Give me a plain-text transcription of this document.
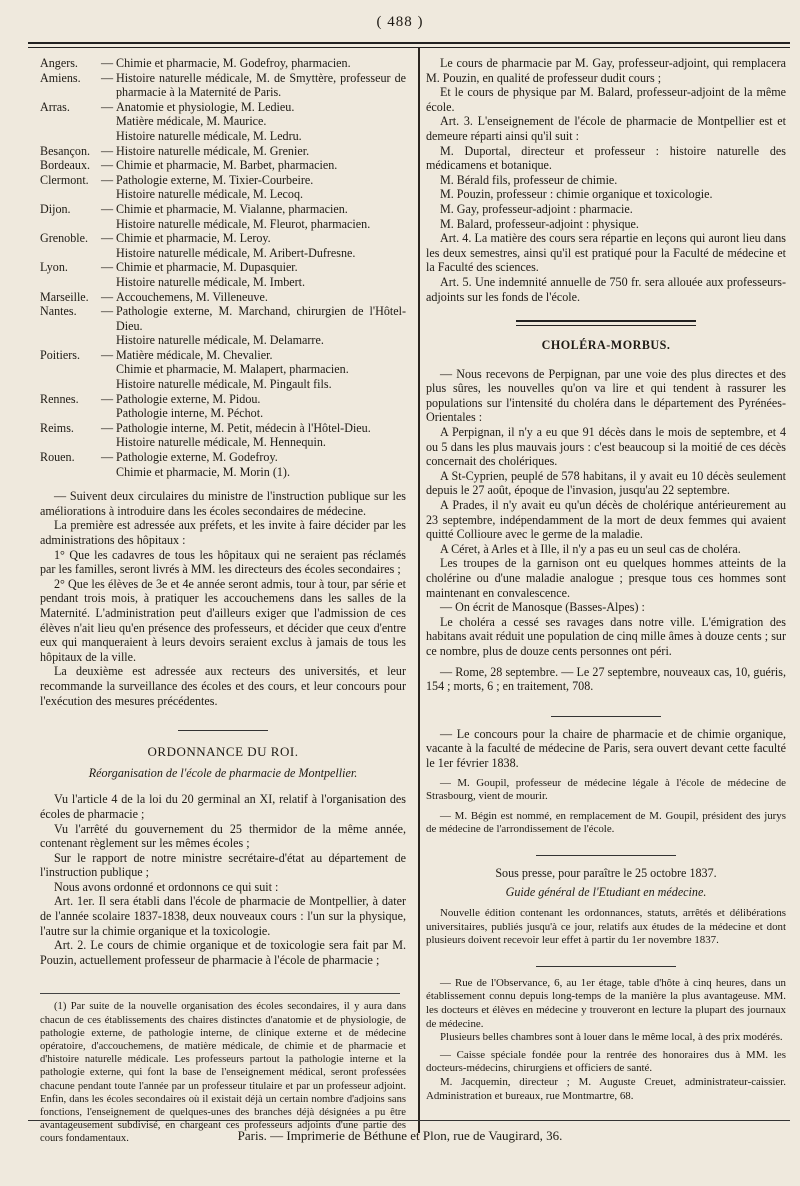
( 488 )
Angers.	— Chimie et pharmacie, M. Godefroy, pharmacien.
Amiens.	— Histoire naturelle médicale, M. de Smyttère, professeur de pharmacie à la Maternité de Paris.
Arras.	— Anatomie et physiologie, M. Ledieu.
Matière médicale, M. Maurice.
Histoire naturelle médicale, M. Ledru.
Besançon. — Histoire naturelle médicale, M. Grenier.
Bordeaux. — Chimie et pharmacie, M. Barbet, pharmacien.
Clermont.	— Pathologie externe, M. Tixier-Courbeire.
Histoire naturelle médicale, M. Lecoq.
Dijon.	— Chimie et pharmacie, M. Vialanne, pharmacien.
Histoire naturelle médicale, M. Fleurot, pharmacien.
Grenoble.	— Chimie et pharmacie, M. Leroy.
Histoire naturelle médicale, M. Aribert-Dufresne.
Lyon.	— Chimie et pharmacie, M. Dupasquier.
Histoire naturelle médicale, M. Imbert.
Marseille.	— Accouchemens, M. Villeneuve.
Nantes.	— Pathologie externe, M. Marchand, chirurgien de l'Hôtel-Dieu.
Histoire naturelle médicale, M. Delamarre.
Poitiers.	— Matière médicale, M. Chevalier.
Chimie et pharmacie, M. Malapert, pharmacien.
Histoire naturelle médicale, M. Pingault fils.
Rennes.	— Pathologie externe, M. Pidou.
Pathologie interne, M. Péchot.
Reims.	— Pathologie interne, M. Petit, médecin à l'Hôtel-Dieu.
Histoire naturelle médicale, M. Hennequin.
Rouen.	— Pathologie externe, M. Godefroy.
Chimie et pharmacie, M. Morin (1).

— Suivent deux circulaires du ministre de l'instruction publique sur les améliorations à introduire dans les écoles secondaires de médecine.

La première est adressée aux préfets, et les invite à faire décider par les administrations des hôpitaux :

1° Que les cadavres de tous les hôpitaux qui ne seraient pas réclamés par les familles, seront livrés à MM. les directeurs des écoles secondaires ;

2° Que les élèves de 3e et 4e année seront admis, tour à tour, par série et pendant trois mois, à pratiquer les accouchemens dans les salles de la Maternité. L'administration peut d'ailleurs exiger que l'admission de ces élèves n'ait lieu qu'en présence des professeurs, et décider que ceux d'entre eux qui manqueraient à leurs devoirs seraient exclus à jamais de tous les hôpitaux de la ville.

La deuxième est adressée aux recteurs des universités, et leur recommande la surveillance des écoles et des cours, et leur concours pour l'exécution des mesures précédentes.

ORDONNANCE DU ROI.
Réorganisation de l'école de pharmacie de Montpellier.

Vu l'article 4 de la loi du 20 germinal an XI, relatif à l'organisation des écoles de pharmacie ;

Vu l'arrêté du gouvernement du 25 thermidor de la même année, contenant règlement sur les mêmes écoles ;

Sur le rapport de notre ministre secrétaire-d'état au département de l'instruction publique ;

Nous avons ordonné et ordonnons ce qui suit :

Art. 1er. Il sera établi dans l'école de pharmacie de Montpellier, à dater de l'année scolaire 1837-1838, deux nouveaux cours : l'un sur la physique, l'autre sur la chimie organique et la toxicologie.

Art. 2. Le cours de chimie organique et de toxicologie sera fait par M. Pouzin, actuellement professeur de pharmacie à l'école de pharmacie ;

(1) Par suite de la nouvelle organisation des écoles secondaires, il y aura dans chacun de ces établissements des chaires distinctes d'anatomie et de physiologie, de pathologie externe, de pathologie interne, de clinique externe et de médecine opératoire, d'accouchemens, de matière médicale, de chimie et de pharmacie et d'histoire naturelle médicale. Les professeurs partout la pathologie interne et la pathologie externe, qui font la base de l'enseignement médical, seront professées chacune pendant toute l'année par un professeur titulaire et par un professeur adjoint. Enfin, dans les écoles secondaires où il existait déjà un certain nombre d'adjoins sans fonctions, l'enseignement de quelques-unes des branches déjà désignées a pu être avantageusement subdivisé, en chargeant ces professeurs adjoints d'une partie des cours fondamentaux.

Le cours de pharmacie par M. Gay, professeur-adjoint, qui remplacera M. Pouzin, en qualité de professeur dudit cours ;

Et le cours de physique par M. Balard, professeur-adjoint de la même école.

Art. 3. L'enseignement de l'école de pharmacie de Montpellier est et demeure réparti ainsi qu'il suit :

M. Duportal, directeur et professeur : histoire naturelle des médicamens et botanique.

M. Bérald fils, professeur de chimie.

M. Pouzin, professeur : chimie organique et toxicologie.

M. Gay, professeur-adjoint : pharmacie.

M. Balard, professeur-adjoint : physique.

Art. 4. La matière des cours sera répartie en leçons qui auront lieu dans les deux semestres, ainsi qu'il est pratiqué pour la Faculté de médecine et la Faculté des sciences.

Art. 5. Une indemnité annuelle de 750 fr. sera allouée aux professeurs-adjoints sur les fonds de l'école.

CHOLÉRA-MORBUS.

— Nous recevons de Perpignan, par une voie des plus directes et des plus sûres, les nouvelles qu'on va lire et qui tendent à rassurer les populations sur l'intensité du choléra dans le département des Pyrénées-Orientales :

A Perpignan, il n'y a eu que 91 décès dans le mois de septembre, et 4 ou 5 dans les plus mauvais jours : c'est beaucoup si la moitié de ces décès concernait des cholériques.

A St-Cyprien, peuplé de 578 habitans, il y avait eu 10 décès seulement depuis le 27 août, époque de l'invasion, jusqu'au 22 septembre.

A Prades, il n'y avait eu qu'un décès de cholérique antérieurement au 23 septembre, indépendamment de la mort de deux femmes qui avaient quitté Collioure avec le germe de la maladie.

A Céret, à Arles et à Ille, il n'y a pas eu un seul cas de choléra.

Les troupes de la garnison ont eu quelques hommes atteints de la cholérine ou d'une maladie analogue ; presque tous ces hommes sont maintenant en convalescence.

— On écrit de Manosque (Basses-Alpes) :

Le choléra a cessé ses ravages dans notre ville. L'émigration des habitans avait réduit une population de cinq mille âmes à douze cents ; sur ce nombre, plus de douze cents personnes ont péri.

— Rome, 28 septembre. — Le 27 septembre, nouveaux cas, 10, guéris, 154 ; morts, 6 ; en traitement, 708.

— Le concours pour la chaire de pharmacie et de chimie organique, vacante à la faculté de médecine de Paris, sera ouvert devant cette faculté le 1er février 1838.

— M. Goupil, professeur de médecine légale à l'école de médecine de Strasbourg, vient de mourir.

— M. Bégin est nommé, en remplacement de M. Goupil, président des jurys de médecine de l'arrondissement de l'école.

Sous presse, pour paraître le 25 octobre 1837.
Guide général de l'Etudiant en médecine.

Nouvelle édition contenant les ordonnances, statuts, arrêtés et délibérations universitaires, publiés jusqu'à ce jour, relatifs aux études de la médecine et dont plusieurs doivent recevoir leur effet à partir du 1er novembre 1837.

— Rue de l'Observance, 6, au 1er étage, table d'hôte à cinq heures, dans un établissement connu depuis long-temps de la manière la plus avantageuse. MM. les docteurs et élèves en médecine y trouveront en lecture la plupart des journaux de médecine.

Plusieurs belles chambres sont à louer dans le même local, à des prix modérés.

— Caisse spéciale fondée pour la rentrée des honoraires dus à MM. les docteurs-médecins, chirurgiens et officiers de santé.

M. Jacquemin, directeur ; M. Auguste Creuet, administrateur-caissier. Administration et bureaux, rue Montmartre, 68.

Paris. — Imprimerie de Béthune et Plon, rue de Vaugirard, 36.
